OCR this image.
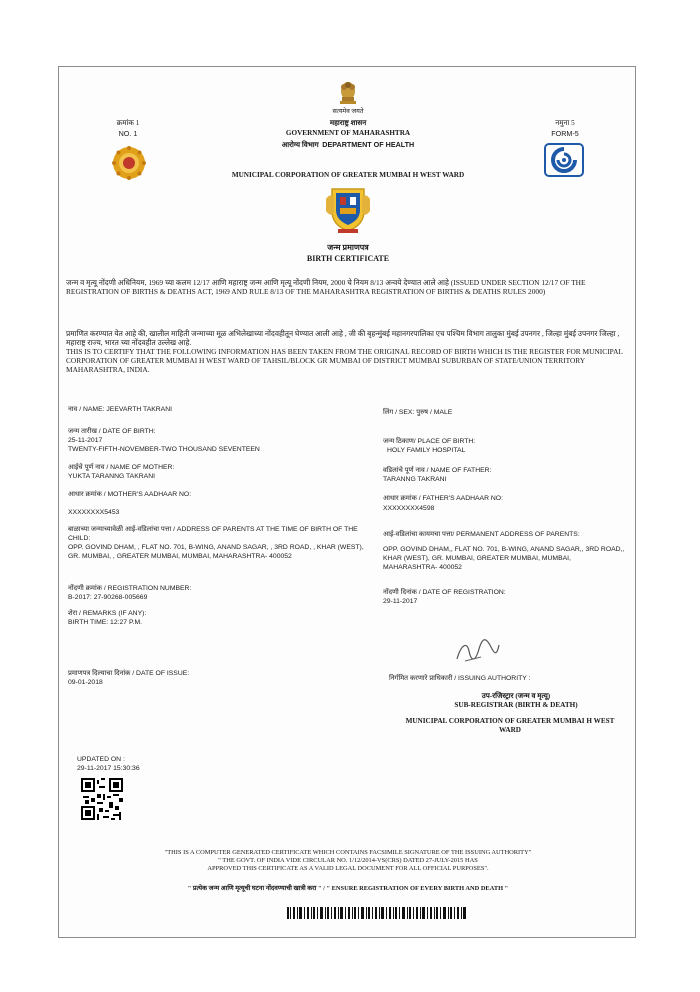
सत्यमेव जयते
क्रमांक 1
NO. 1
नमुना 5
FORM-5
महाराष्ट्र शासन
GOVERNMENT OF MAHARASHTRA
आरोग्य विभाग DEPARTMENT OF HEALTH
MUNICIPAL CORPORATION OF GREATER MUMBAI H WEST WARD
जन्म प्रमाणपत्र
BIRTH CERTIFICATE
जन्म व मृत्यू नोंदणी अधिनियम, 1969 च्या कलम 12/17 आणि महाराष्ट्र जन्म आणि मृत्यू नोंदणी नियम, 2000 चे नियम 8/13 अन्वये देण्यात आले आहे (ISSUED UNDER SECTION 12/17 OF THE REGISTRATION OF BIRTHS & DEATHS ACT, 1969 AND RULE 8/13 OF THE MAHARASHTRA REGISTRATION OF BIRTHS & DEATHS RULES 2000)
प्रमाणित करण्यात येत आहे की, खालील माहिती जन्माच्या मूळ अभिलेखाच्या नोंदवहीतून घेण्यात आली आहे , जी की बृहन्मुंबई महानगरपालिका एच पश्चिम विभाग तालुका मुंबई उपनगर , जिल्हा मुंबई उपनगर जिल्हा , महाराष्ट्र राज्य, भारत च्या नोंदवहीत उल्लेख आहे.
THIS IS TO CERTIFY THAT THE FOLLOWING INFORMATION HAS BEEN TAKEN FROM THE ORIGINAL RECORD OF BIRTH WHICH IS THE REGISTER FOR MUNICIPAL CORPORATION OF GREATER MUMBAI H WEST WARD OF TAHSIL/BLOCK GR MUMBAI OF DISTRICT MUMBAI SUBURBAN OF STATE/UNION TERRITORY MAHARASHTRA, INDIA.
नाव / NAME: JEEVARTH TAKRANI	लिंग / SEX: पुरुष / MALE
जन्म तारीख / DATE OF BIRTH:
25-11-2017
TWENTY-FIFTH-NOVEMBER-TWO THOUSAND SEVENTEEN
जन्म ठिकाण/ PLACE OF BIRTH:
HOLY FAMILY HOSPITAL
आईचे पूर्ण नाव / NAME OF MOTHER:
YUKTA TARANNG TAKRANI
वडिलांचे पूर्ण नाव / NAME OF FATHER:
TARANNG TAKRANI
आधार क्रमांक / MOTHER'S AADHAAR NO:
XXXXXXXX5453
आधार क्रमांक / FATHER'S AADHAAR NO:
XXXXXXXX4598
बाळाच्या जन्माच्यावेळी आई-वडिलांचा पत्ता / ADDRESS OF PARENTS AT THE TIME OF BIRTH OF THE CHILD:
OPP. GOVIND DHAM, , FLAT NO. 701, B-WING, ANAND SAGAR, , 3RD ROAD, , KHAR (WEST), GR. MUMBAI, , GREATER MUMBAI, MUMBAI, MAHARASHTRA- 400052
आई-वडिलांचा कायमचा पत्ता/ PERMANENT ADDRESS OF PARENTS:
OPP. GOVIND DHAM,, FLAT NO. 701, B-WING, ANAND SAGAR,, 3RD ROAD,, KHAR (WEST), GR. MUMBAI, GREATER MUMBAI, MUMBAI, MAHARASHTRA- 400052
नोंदणी क्रमांक / REGISTRATION NUMBER:
B-2017: 27-90268-005669
नोंदणी दिनांक / DATE OF REGISTRATION:
29-11-2017
शेरा / REMARKS (IF ANY):
BIRTH TIME: 12:27 P.M.
प्रमाणपत्र दिल्याचा दिनांक / DATE OF ISSUE:
09-01-2018
निर्गमित करणारे प्राधिकारी / ISSUING AUTHORITY :
उप-रजिस्ट्रार (जन्म व मृत्यू)
SUB-REGISTRAR (BIRTH & DEATH)
MUNICIPAL CORPORATION OF GREATER MUMBAI H WEST WARD
UPDATED ON :
29-11-2017 15:30:36
"THIS IS A COMPUTER GENERATED CERTIFICATE WHICH CONTAINS FACSIMILE SIGNATURE OF THE ISSUING AUTHORITY"
" THE GOVT. OF INDIA VIDE CIRCULAR NO. 1/12/2014-VS(CRS) DATED 27-JULY-2015 HAS
APPROVED THIS CERTIFICATE AS A VALID LEGAL DOCUMENT FOR ALL OFFICIAL PURPOSES".
" प्रत्येक जन्म आणि मृत्यूची घटना नोंदवण्याची खात्री करा " / " ENSURE REGISTRATION OF EVERY BIRTH AND DEATH "
